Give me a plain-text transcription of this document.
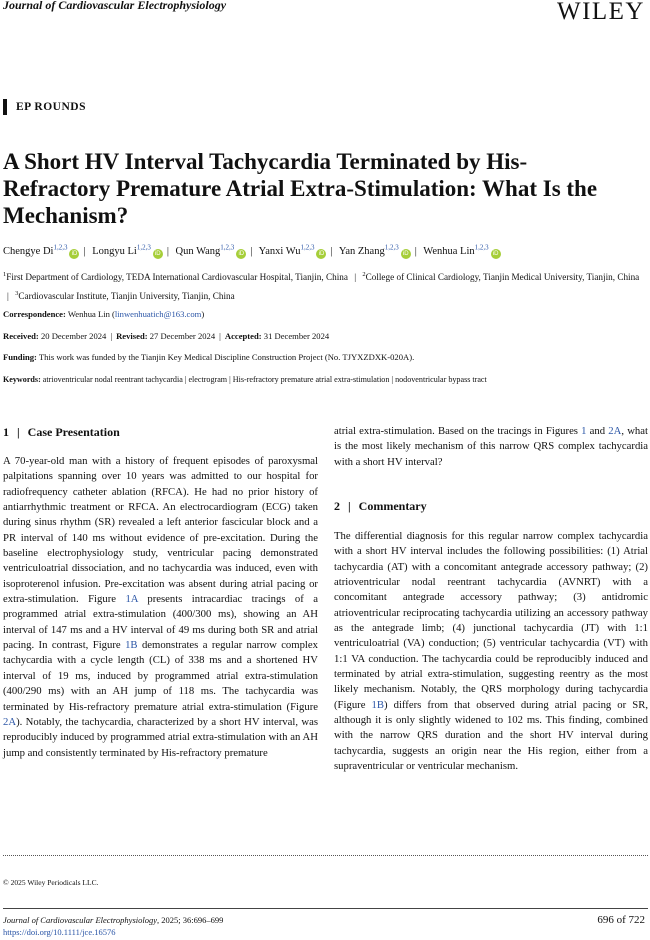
Journal of Cardiovascular Electrophysiology	WILEY
EP ROUNDS
A Short HV Interval Tachycardia Terminated by His-Refractory Premature Atrial Extra-Stimulation: What Is the Mechanism?
Chengye Di$^{1,2,3}$iD | Longyu Li$^{1,2,3}$iD | Qun Wang$^{1,2,3}$iD | Yanxi Wu$^{1,2,3}$iD | Yan Zhang$^{1,2,3}$iD | Wenhua Lin$^{1,2,3}$iD
$^1$First Department of Cardiology, TEDA International Cardiovascular Hospital, Tianjin, China | $^2$College of Clinical Cardiology, Tianjin Medical University, Tianjin, China | $^3$Cardiovascular Institute, Tianjin University, Tianjin, China
Correspondence: Wenhua Lin (linwenhuatich@163.com)
Received: 20 December 2024 | Revised: 27 December 2024 | Accepted: 31 December 2024
Funding: This work was funded by the Tianjin Key Medical Discipline Construction Project (No. TJYXZDXK-020A).
Keywords: atrioventricular nodal reentrant tachycardia | electrogram | His-refractory premature atrial extra-stimulation | nodoventricular bypass tract
1 | Case Presentation

A 70-year-old man with a history of frequent episodes of paroxysmal palpitations spanning over 10 years was admitted to our hospital for radiofrequency catheter ablation (RFCA). He had no prior history of antiarrhythmic treatment or RFCA. An electrocardiogram (ECG) taken during sinus rhythm (SR) revealed a left anterior fascicular block and a PR interval of 140 ms without evidence of pre-excitation. During the baseline electrophysiology study, ventricular pacing demonstrated ventriculoatrial dissociation, and no tachycardia was induced, even with isoproterenol infusion. Pre-excitation was absent during atrial pacing or extra-stimulation. Figure 1A presents intracardiac tracings of a programmed atrial extra-stimulation (400/300 ms), showing an AH interval of 147 ms and a HV interval of 49 ms during both SR and atrial pacing. In contrast, Figure 1B demonstrates a regular narrow complex tachycardia with a cycle length (CL) of 338 ms and a shortened HV interval of 19 ms, induced by programmed atrial extra-stimulation (400/290 ms) with an AH jump of 118 ms. The tachycardia was terminated by His-refractory premature atrial extra-stimulation (Figure 2A). Notably, the tachycardia, characterized by a short HV interval, was reproducibly induced by programmed atrial extra-stimulation with an AH jump and consistently terminated by His-refractory premature

atrial extra-stimulation. Based on the tracings in Figures 1 and 2A, what is the most likely mechanism of this narrow QRS complex tachycardia with a short HV interval?

2 | Commentary

The differential diagnosis for this regular narrow complex tachycardia with a short HV interval includes the following possibilities: (1) Atrial tachycardia (AT) with a concomitant antegrade accessory pathway; (2) atrioventricular nodal reentrant tachycardia (AVNRT) with a concomitant antegrade accessory pathway; (3) antidromic atrioventricular reciprocating tachycardia utilizing an accessory pathway as the antegrade limb; (4) junctional tachycardia (JT) with 1:1 ventriculoatrial (VA) conduction; (5) ventricular tachycardia (VT) with 1:1 VA conduction. The tachycardia could be reproducibly induced and terminated by atrial extra-stimulation, suggesting reentry as the most likely mechanism. Notably, the QRS morphology during tachycardia (Figure 1B) differs from that observed during atrial pacing or SR, although it is only slightly widened to 102 ms. This finding, combined with the narrow QRS duration and the short HV interval during tachycardia, suggests an origin near the His region, either from a supraventricular or ventricular mechanism.

© 2025 Wiley Periodicals LLC.
Journal of Cardiovascular Electrophysiology, 2025; 36:696–699
https://doi.org/10.1111/jce.16576
696 of 722
